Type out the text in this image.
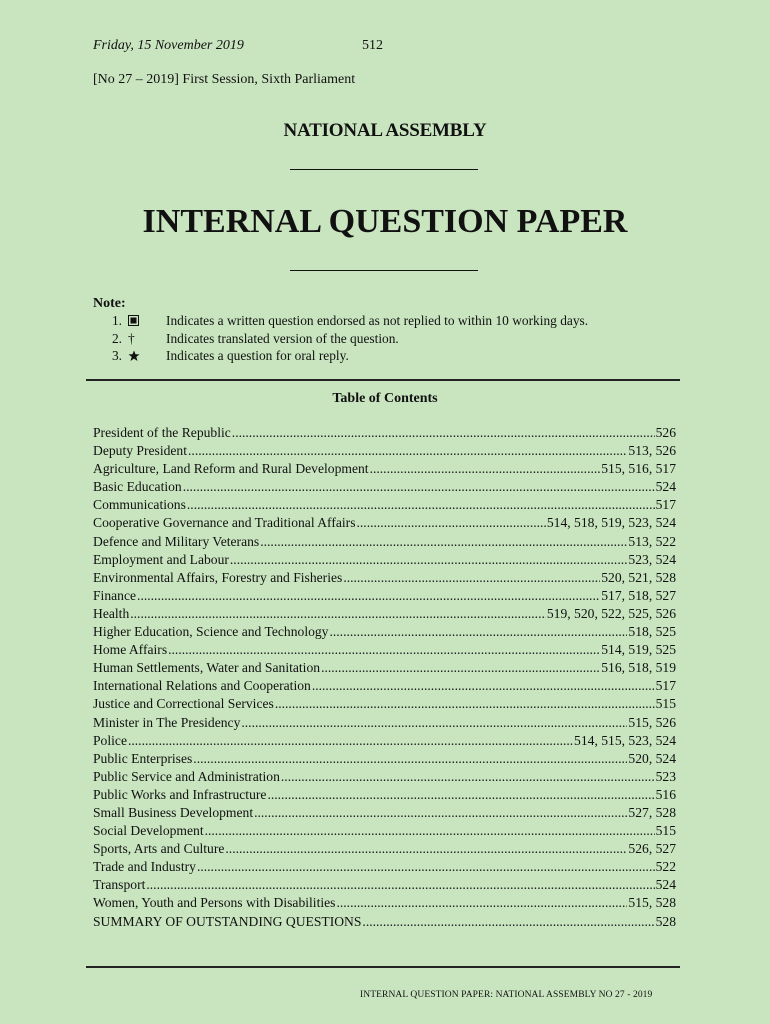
Friday, 15 November 2019	512
[No 27 – 2019] First Session, Sixth Parliament
NATIONAL ASSEMBLY
INTERNAL QUESTION PAPER
Note:
1.	Indicates a written question endorsed as not replied to within 10 working days.
2. †	Indicates translated version of the question.
3.	Indicates a question for oral reply.
Table of Contents
President of the Republic .....	526
Deputy President .....	513, 526
Agriculture, Land Reform and Rural Development .....	515, 516, 517
Basic Education .....	524
Communications .....	517
Cooperative Governance and Traditional Affairs .....	514, 518, 519, 523, 524
Defence and Military Veterans .....	513, 522
Employment and Labour .....	523, 524
Environmental Affairs, Forestry and Fisheries .....	520, 521, 528
Finance .....	517, 518, 527
Health .....	519, 520, 522, 525, 526
Higher Education, Science and Technology .....	518, 525
Home Affairs .....	514, 519, 525
Human Settlements, Water and Sanitation .....	516, 518, 519
International Relations and Cooperation .....	517
Justice and Correctional Services .....	515
Minister in The Presidency .....	515, 526
Police .....	514, 515, 523, 524
Public Enterprises .....	520, 524
Public Service and Administration .....	523
Public Works and Infrastructure .....	516
Small Business Development .....	527, 528
Social Development .....	515
Sports, Arts and Culture .....	526, 527
Trade and Industry .....	522
Transport .....	524
Women, Youth and Persons with Disabilities .....	515, 528
SUMMARY OF OUTSTANDING QUESTIONS .....	528
INTERNAL QUESTION PAPER: NATIONAL ASSEMBLY NO 27 - 2019
